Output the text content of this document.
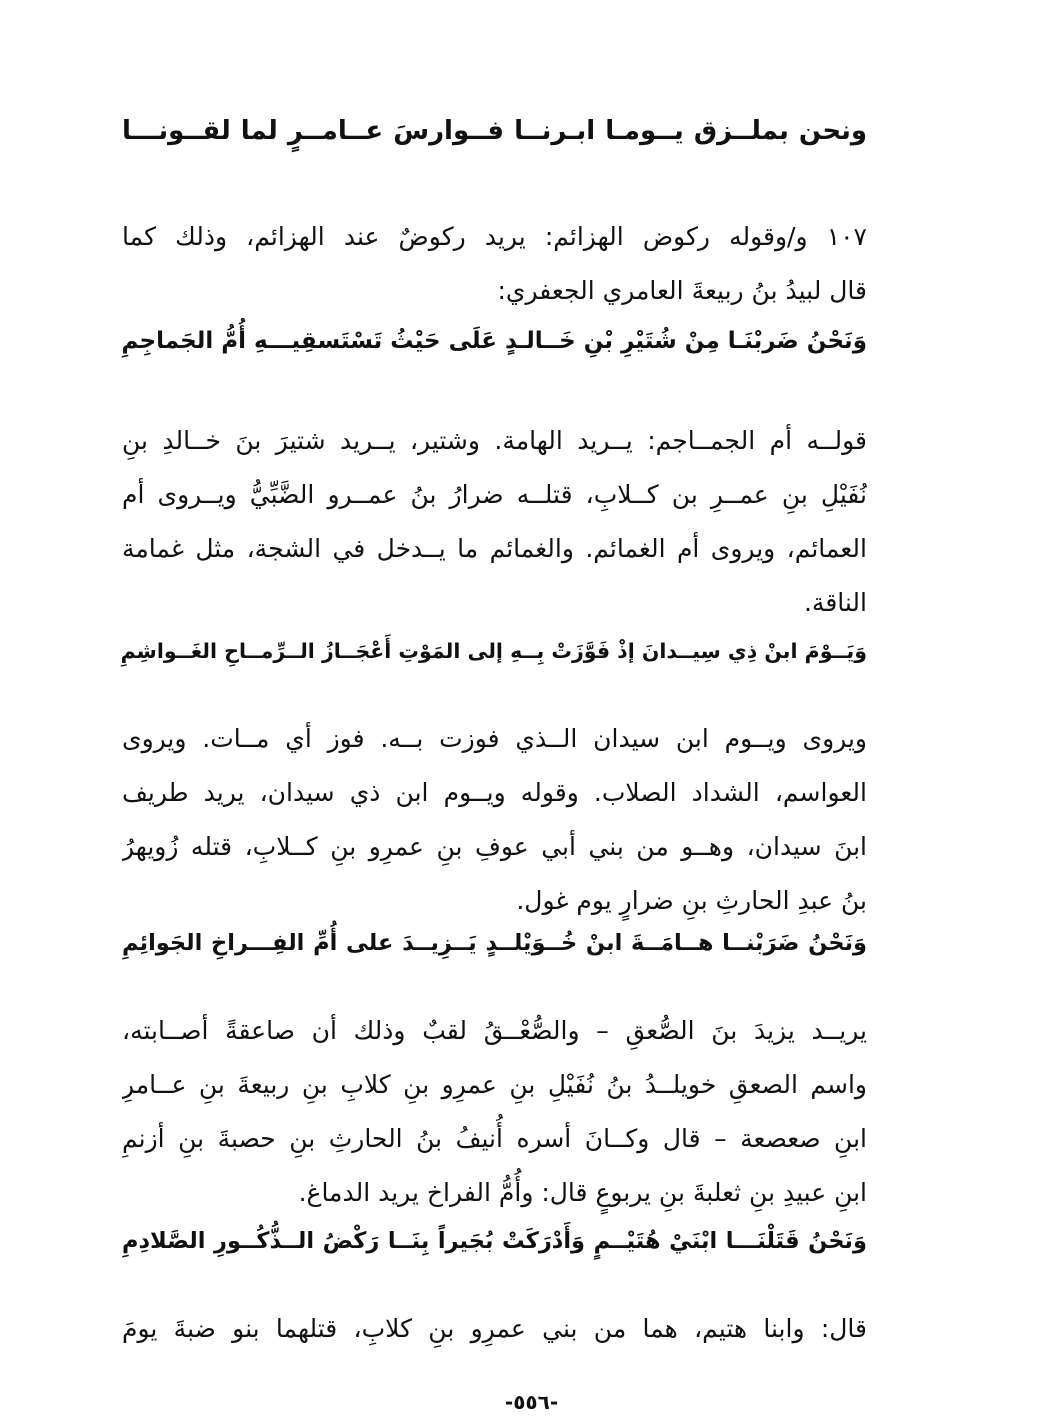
ونحن بملــزق يــومـا ابـرنــا فــوارسَ عــامــرٍ لما لقــونـــا
١٠٧ و/وقوله ركوض الهزائم: يريد ركوضٌ عند الهزائم، وذلك كما
قال لبيدُ بنُ ربيعةَ العامري الجعفري:
وَنَحْنُ ضَربْنَـا مِنْ شُتَيْرِ بْنِ خَــالـدٍ عَلَى حَيْثُ تَسْتَسقِيـــهِ أُمُّ الجَماجِمِ
قولــه أم الجمــاجم: يــريد الهامة. وشتير، يــريد شتيرَ بنَ خــالدِ بنِ
نُفَيْلِ بنِ عمــرِ بن كــلابِ، قتلــه ضرارُ بنُ عمــرو الضَّبِّيُّ ويــروى أم
العمائم، ويروى أم الغمائم. والغمائم ما يــدخل في الشجة، مثل غمامة
الناقة.
وَيَــوْمَ ابنْ ذِي سِيــدانَ إذْ فَوَّزَتْ بِــهِ إلى المَوْتِ أَعْجَــازُ الــرِّمــاحِ الغَــواشِمِ
ويروى ويــوم ابن سيدان الــذي فوزت بــه. فوز أي مــات. ويروى
العواسم، الشداد الصلاب. وقوله ويــوم ابن ذي سيدان، يريد طريف
ابنَ سيدان، وهــو من بني أبي عوفِ بنِ عمرِو بنِ كــلابِ، قتله زُويهرُ
بنُ عبدِ الحارثِ بنِ ضرارٍ يوم غول.
وَنَحْنُ ضَرَبْنــا هــامَــةَ ابنْ خُــوَيْلــدٍ يَــزِيــدَ على أُمِّ الفِـــراخِ الجَوائِمِ
يريــد يزيدَ بنَ الصُّعقِ – والصُّعْــقُ لقبٌ وذلك أن صاعقةً أصــابته،
واسم الصعقِ خويلــدُ بنُ نُفَيْلِ بنِ عمرِو بنِ كلابِ بنِ ربيعةَ بنِ عــامرِ
ابنِ صعصعة – قال وكــانَ أسره أُنيفُ بنُ الحارثِ بنِ حصبةَ بنِ أزنمِ
ابنِ عبيدِ بنِ ثعلبةَ بنِ يربوعٍ قال: وأُمُّ الفراخ يريد الدماغ.
وَنَحْنُ قَتَلْنَـــا ابْنَيْ هُتَيْــمٍ وَأَدْرَكَتْ بُجَيراً بِنَــا رَكْضُ الــذُّكُــورِ الصَّلادِمِ
قال: وابنا هتيم، هما من بني عمرِو بنِ كلابِ، قتلهما بنو ضبةَ يومَ
-٥٥٦-
